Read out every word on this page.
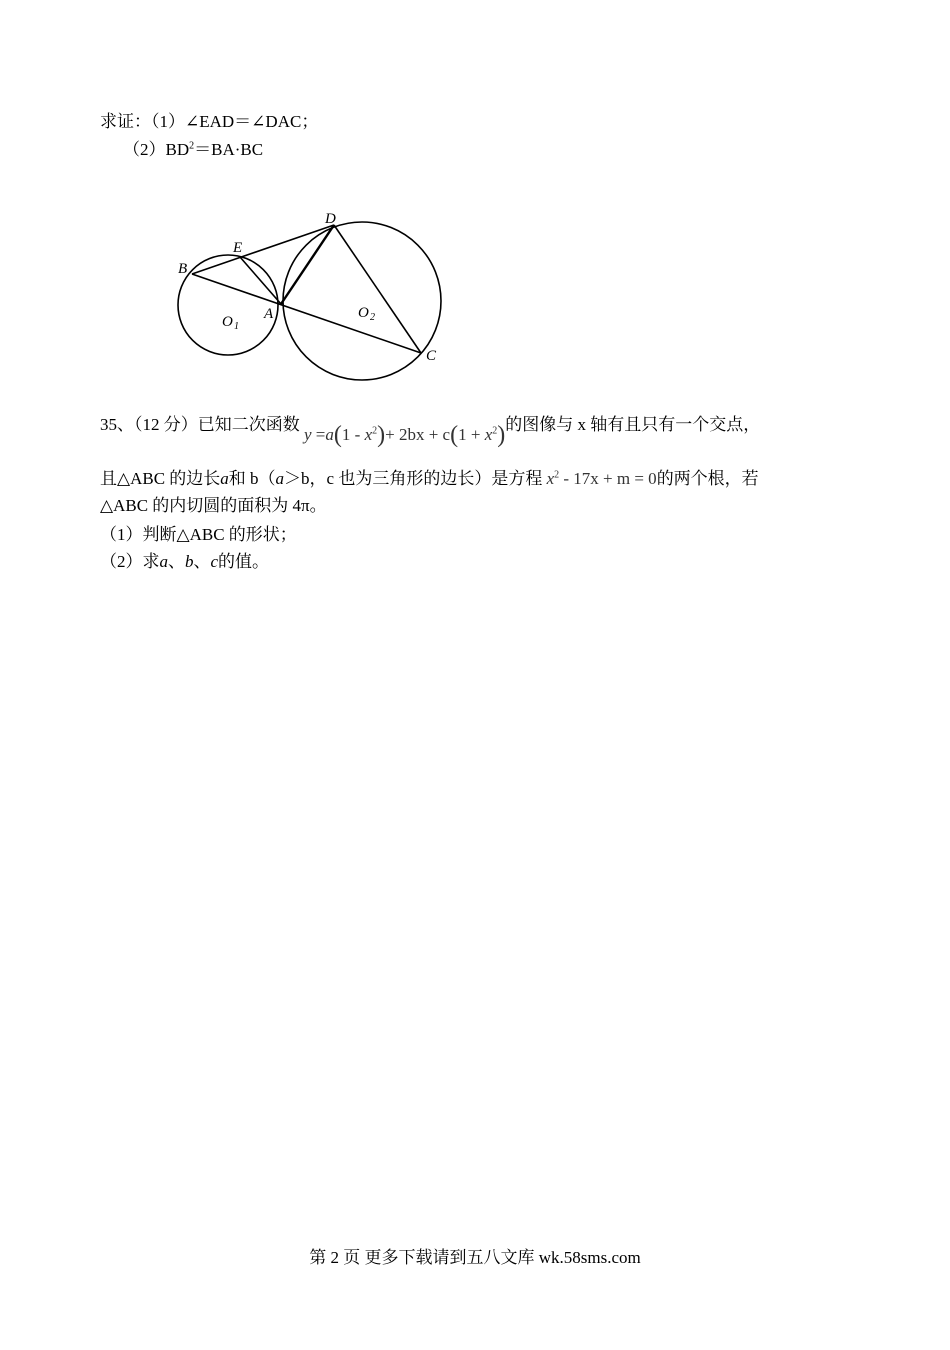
求证：（1）∠EAD＝∠DAC；
$(2)BD^2=BA\cdot BC$
B
E
D
A
C
O 1
O 2
35、（12 分）已知二次函数 $y =a(1 - x^2)+ 2bx + c(1 + x^2)$的图像与 x 轴有且只有一个交点，
且△ABC 的边长a和 b（a＞b，c 也为三角形的边长）是方程 $x^2 - 17x + m = 0$的两个根，若
△ABC 的内切圆的面积为 4π。
（1）判断△ABC 的形状；
（2）求a、b、c的值。
第 2 页 更多下载请到五八文库 wk.58sms.com
